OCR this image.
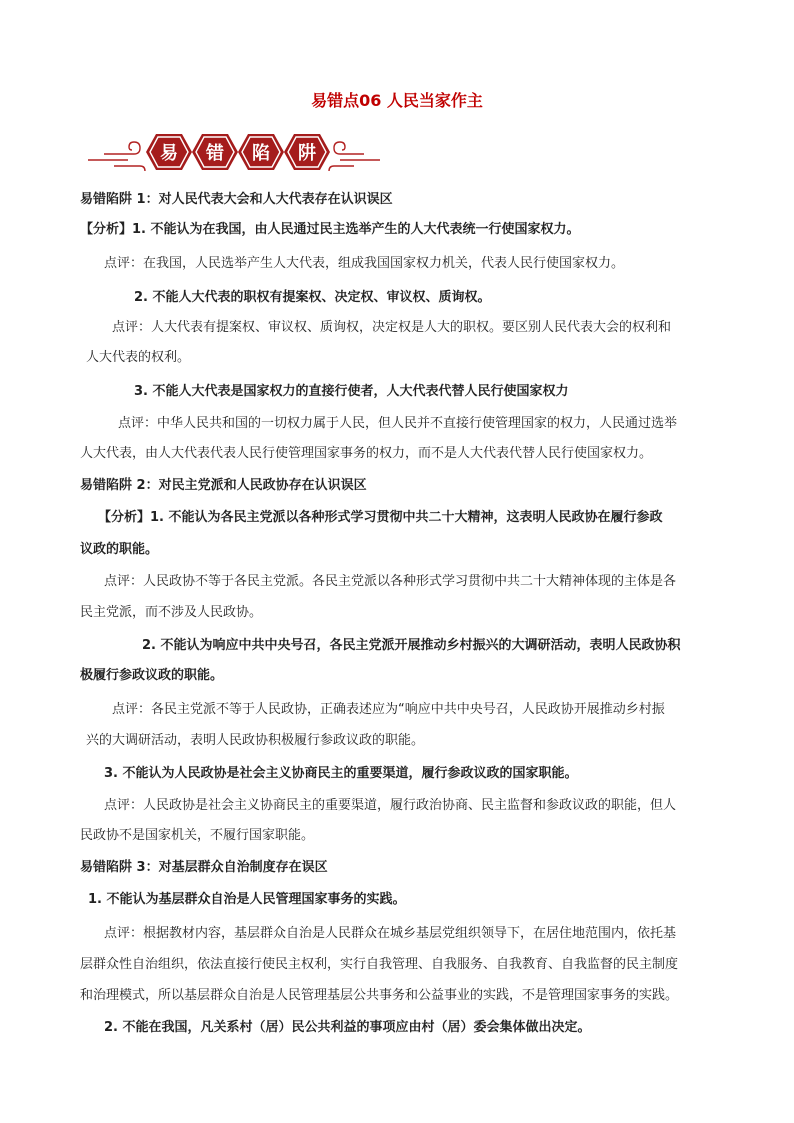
易错点06 人民当家作主
易 错 陷 阱
易错陷阱 1：对人民代表大会和人大代表存在认识误区
【分析】1. 不能认为在我国，由人民通过民主选举产生的人大代表统一行使国家权力。
点评：在我国，人民选举产生人大代表，组成我国国家权力机关，代表人民行使国家权力。
2. 不能人大代表的职权有提案权、决定权、审议权、质询权。
点评：人大代表有提案权、审议权、质询权，决定权是人大的职权。要区别人民代表大会的权利和
人大代表的权利。
3. 不能人大代表是国家权力的直接行使者，人大代表代替人民行使国家权力
点评：中华人民共和国的一切权力属于人民，但人民并不直接行使管理国家的权力，人民通过选举
人大代表，由人大代表代表人民行使管理国家事务的权力，而不是人大代表代替人民行使国家权力。
易错陷阱 2：对民主党派和人民政协存在认识误区
【分析】1. 不能认为各民主党派以各种形式学习贯彻中共二十大精神，这表明人民政协在履行参政
议政的职能。
点评：人民政协不等于各民主党派。各民主党派以各种形式学习贯彻中共二十大精神体现的主体是各
民主党派，而不涉及人民政协。
2. 不能认为响应中共中央号召，各民主党派开展推动乡村振兴的大调研活动，表明人民政协积
极履行参政议政的职能。
点评：各民主党派不等于人民政协，正确表述应为“响应中共中央号召，人民政协开展推动乡村振
兴的大调研活动，表明人民政协积极履行参政议政的职能。
3. 不能认为人民政协是社会主义协商民主的重要渠道，履行参政议政的国家职能。
点评：人民政协是社会主义协商民主的重要渠道，履行政治协商、民主监督和参政议政的职能，但人
民政协不是国家机关，不履行国家职能。
易错陷阱 3：对基层群众自治制度存在误区
1. 不能认为基层群众自治是人民管理国家事务的实践。
点评：根据教材内容，基层群众自治是人民群众在城乡基层党组织领导下，在居住地范围内，依托基
层群众性自治组织，依法直接行使民主权利，实行自我管理、自我服务、自我教育、自我监督的民主制度
和治理模式，所以基层群众自治是人民管理基层公共事务和公益事业的实践，不是管理国家事务的实践。
2. 不能在我国，凡关系村（居）民公共利益的事项应由村（居）委会集体做出决定。
